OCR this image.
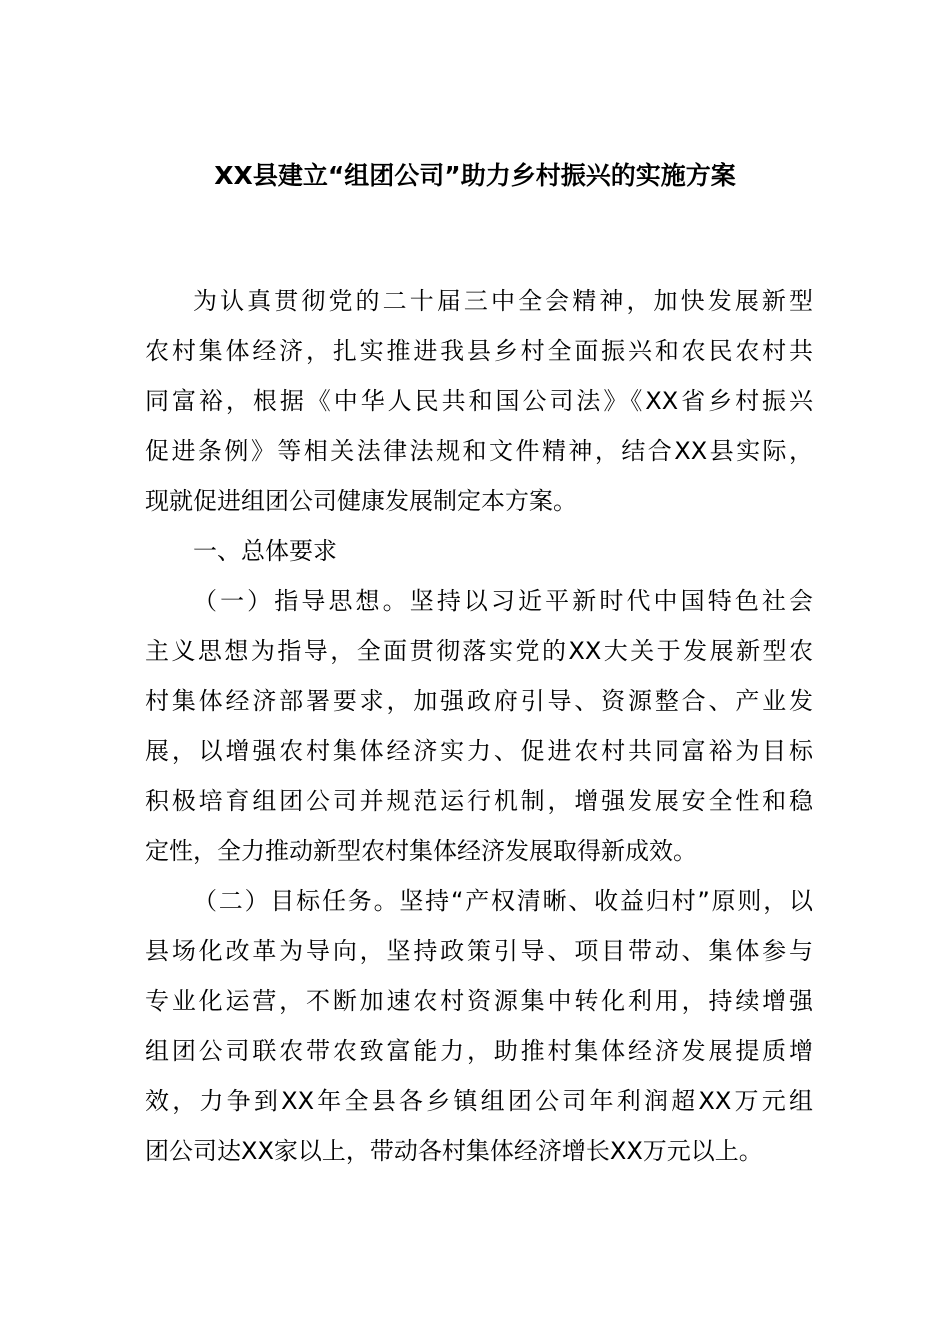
XX县建立“组团公司”助力乡村振兴的实施方案
为认真贯彻党的二十届三中全会精神，加快发展新型
农村集体经济，扎实推进我县乡村全面振兴和农民农村共
同富裕，根据《中华人民共和国公司法》《XX省乡村振兴
促进条例》等相关法律法规和文件精神，结合XX县实际，
现就促进组团公司健康发展制定本方案。
一、总体要求
（一）指导思想。坚持以习近平新时代中国特色社会
主义思想为指导，全面贯彻落实党的XX大关于发展新型农
村集体经济部署要求，加强政府引导、资源整合、产业发
展，以增强农村集体经济实力、促进农村共同富裕为目标
积极培育组团公司并规范运行机制，增强发展安全性和稳
定性，全力推动新型农村集体经济发展取得新成效。
（二）目标任务。坚持“产权清晰、收益归村”原则，以
县场化改革为导向，坚持政策引导、项目带动、集体参与
专业化运营，不断加速农村资源集中转化利用，持续增强
组团公司联农带农致富能力，助推村集体经济发展提质增
效，力争到XX年全县各乡镇组团公司年利润超XX万元组
团公司达XX家以上，带动各村集体经济增长XX万元以上。
